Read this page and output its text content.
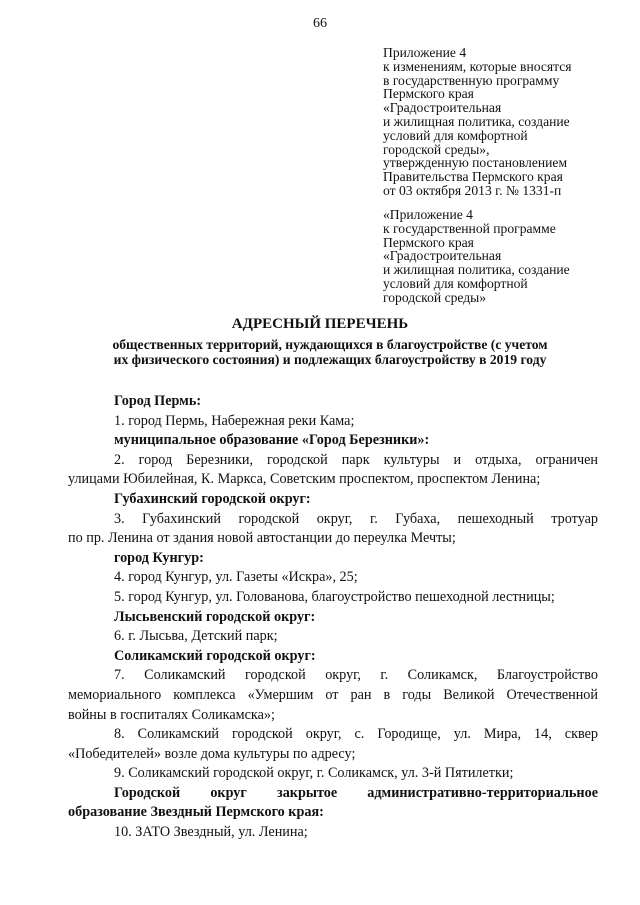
66
Приложение 4
к изменениям, которые вносятся
в государственную программу
Пермского края
«Градостроительная
и жилищная политика, создание
условий для комфортной
городской среды»,
утвержденную постановлением
Правительства Пермского края
от 03 октября 2013 г. № 1331-п
«Приложение 4
к государственной программе
Пермского края
«Градостроительная
и жилищная политика, создание
условий для комфортной
городской среды»
АДРЕСНЫЙ ПЕРЕЧЕНЬ
общественных территорий, нуждающихся в благоустройстве (с учетом
их физического состояния) и подлежащих благоустройству в 2019 году
Город Пермь:
1. город Пермь, Набережная реки Кама;
муниципальное образование «Город Березники»:
2. город Березники, городской парк культуры и отдыха, ограничен
улицами Юбилейная, К. Маркса, Советским проспектом, проспектом Ленина;
Губахинский городской округ:
3. Губахинский городской округ, г. Губаха, пешеходный тротуар
по пр. Ленина от здания новой автостанции до переулка Мечты;
город Кунгур:
4. город Кунгур, ул. Газеты «Искра», 25;
5. город Кунгур, ул. Голованова, благоустройство пешеходной лестницы;
Лысьвенский городской округ:
6. г. Лысьва, Детский парк;
Соликамский городской округ:
7. Соликамский городской округ, г. Соликамск, Благоустройство
мемориального комплекса «Умершим от ран в годы Великой Отечественной
войны в госпиталях Соликамска»;
8. Соликамский городской округ, с. Городище, ул. Мира, 14, сквер
«Победителей» возле дома культуры по адресу;
9. Соликамский городской округ, г. Соликамск, ул. 3-й Пятилетки;
Городской округ закрытое административно-территориальное
образование Звездный Пермского края:
10. ЗАТО Звездный, ул. Ленина;
